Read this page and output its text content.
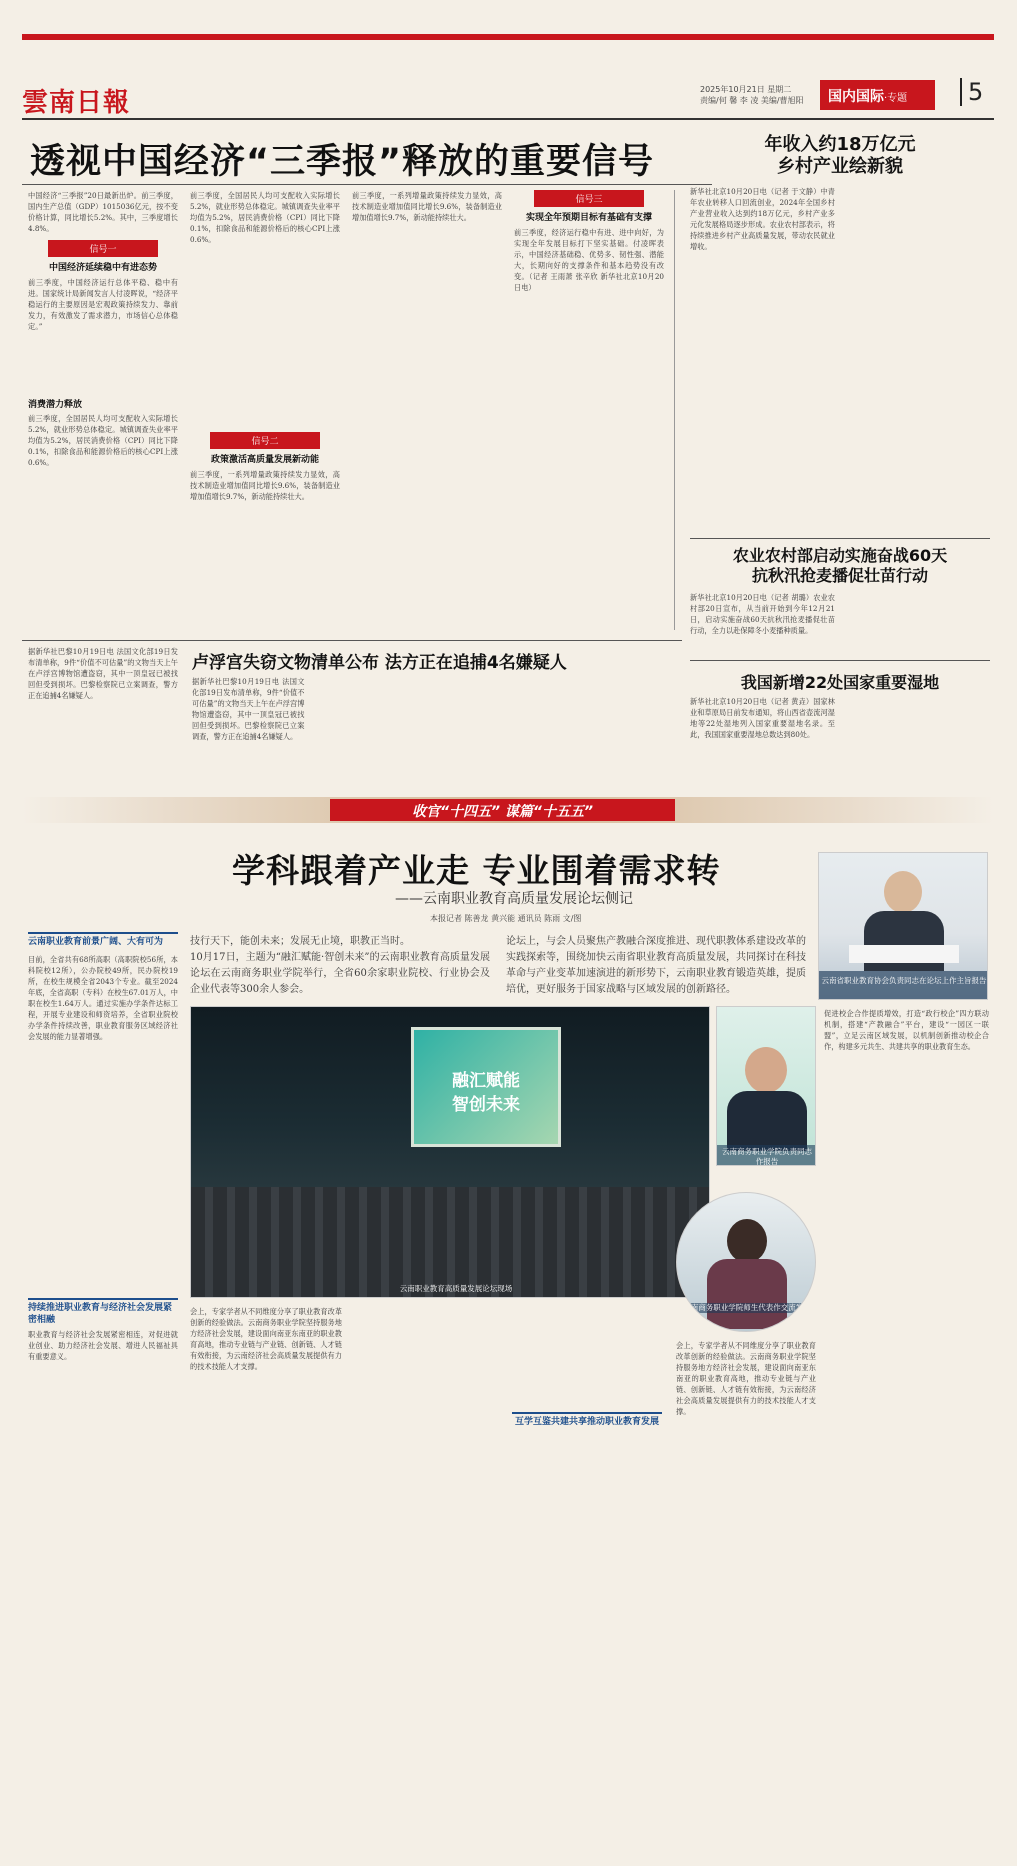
雲南日報	2025年10月21日 星期二
责编/何 馨 李 凌 美编/曹旭阳	国内国际·专题	5
透视中国经济“三季报”释放的重要信号
中国经济“三季报”20日最新出炉。前三季度，国内生产总值（GDP）1015036亿元，按不变价格计算，同比增长5.2%。其中，三季度增长4.8%。
信号一
中国经济延续稳中有进态势
前三季度，中国经济运行总体平稳、稳中有进。国家统计局新闻发言人付凌晖说，“经济平稳运行的主要原因是宏观政策持续发力、靠前发力，有效激发了需求潜力，市场信心总体稳定。”
消费潜力释放
前三季度，全国居民人均可支配收入实际增长5.2%，就业形势总体稳定。城镇调查失业率平均值为5.2%，居民消费价格（CPI）同比下降0.1%，扣除食品和能源价格后的核心CPI上涨0.6%。
前三季度，全国居民人均可支配收入实际增长5.2%，就业形势总体稳定。城镇调查失业率平均值为5.2%，居民消费价格（CPI）同比下降0.1%，扣除食品和能源价格后的核心CPI上涨0.6%。
信号二
政策激活高质量发展新动能
前三季度，一系列增量政策持续发力显效，高技术制造业增加值同比增长9.6%，装备制造业增加值增长9.7%，新动能持续壮大。
前三季度，一系列增量政策持续发力显效，高技术制造业增加值同比增长9.6%，装备制造业增加值增长9.7%，新动能持续壮大。
信号三
实现全年预期目标有基础有支撑
前三季度，经济运行稳中有进、进中向好，为实现全年发展目标打下坚实基础。付凌晖表示，中国经济基础稳、优势多、韧性强、潜能大，长期向好的支撑条件和基本趋势没有改变。（记者 王雨萧 张辛欣 新华社北京10月20日电）
年收入约18万亿元
乡村产业绘新貌
新华社北京10月20日电（记者 于文静）中青年农业转移人口回流创业，2024年全国乡村产业营业收入达到约18万亿元，乡村产业多元化发展格局逐步形成。农业农村部表示，将持续推进乡村产业高质量发展，带动农民就业增收。
农业农村部启动实施奋战60天
抗秋汛抢麦播促壮苗行动
新华社北京10月20日电（记者 胡璐）农业农村部20日宣布，从当前开始到今年12月21日，启动实施奋战60天抗秋汛抢麦播促壮苗行动，全力以赴保障冬小麦播种质量。
我国新增22处国家重要湿地
新华社北京10月20日电（记者 黄垚）国家林业和草原局日前发布通知，将山西省壶流河湿地等22处湿地列入国家重要湿地名录。至此，我国国家重要湿地总数达到80处。
据新华社巴黎10月19日电 法国文化部19日发布清单称，9件“价值不可估量”的文物当天上午在卢浮宫博物馆遭盗窃，其中一顶皇冠已被找回但受到损坏。巴黎检察院已立案调查，警方正在追捕4名嫌疑人。
卢浮宫失窃文物清单公布 法方正在追捕4名嫌疑人
据新华社巴黎10月19日电 法国文化部19日发布清单称，9件“价值不可估量”的文物当天上午在卢浮宫博物馆遭盗窃，其中一顶皇冠已被找回但受到损坏。巴黎检察院已立案调查，警方正在追捕4名嫌疑人。
收官“十四五” 谋篇“十五五”
学科跟着产业走 专业围着需求转
——云南职业教育高质量发展论坛侧记
本报记者 陈善龙 黄兴能 通讯员 陈雨 文/图
云南省职业教育协会负责同志在论坛上作主旨报告
云南职业教育前景广阔、大有可为
目前，全省共有68所高职（高职院校56所，本科院校12所），公办院校49所，民办院校19所，在校生规模全省2043个专业。截至2024年底，全省高职（专科）在校生67.01万人，中职在校生1.64万人。通过实施办学条件达标工程，开展专业建设和师资培养，全省职业院校办学条件持续改善，职业教育服务区域经济社会发展的能力显著增强。
持续推进职业教育与经济社会发展紧密相融
职业教育与经济社会发展紧密相连，对促进就业创业、助力经济社会发展、增进人民福祉具有重要意义。
技行天下，能创未来；发展无止境，职教正当时。
10月17日，主题为“融汇赋能·智创未来”的云南职业教育高质量发展论坛在云南商务职业学院举行，全省60余家职业院校、行业协会及企业代表等300余人参会。
论坛上，与会人员聚焦产教融合深度推进、现代职教体系建设改革的实践探索等，围绕加快云南省职业教育高质量发展，共同探讨在科技革命与产业变革加速演进的新形势下，云南职业教育锻造英雄，提质培优，更好服务于国家战略与区域发展的创新路径。
融汇赋能
智创未来
云南职业教育高质量发展论坛现场
云南商务职业学院负责同志作报告
云南商务职业学院师生代表作交流发言
促进校企合作提质增效，打造“政行校企”四方联动机制，搭建“产教融合”平台，建设“一园区一联盟”，立足云南区域发展，以机制创新推动校企合作，构建多元共生、共建共享的职业教育生态。
会上，专家学者从不同维度分享了职业教育改革创新的经验做法。云南商务职业学院坚持服务地方经济社会发展，建设面向南亚东南亚的职业教育高地，推动专业链与产业链、创新链、人才链有效衔接，为云南经济社会高质量发展提供有力的技术技能人才支撑。
互学互鉴共建共享推动职业教育发展
会上，专家学者从不同维度分享了职业教育改革创新的经验做法。云南商务职业学院坚持服务地方经济社会发展，建设面向南亚东南亚的职业教育高地，推动专业链与产业链、创新链、人才链有效衔接，为云南经济社会高质量发展提供有力的技术技能人才支撑。
